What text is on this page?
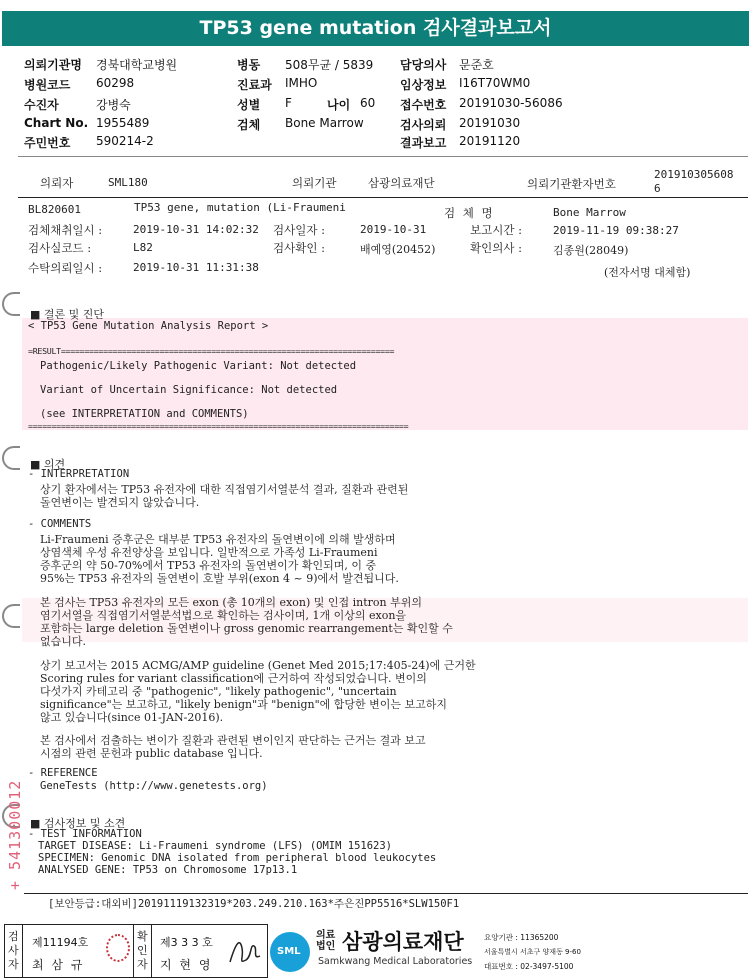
TP53 gene mutation 검사결과보고서
의뢰기관명 경북대학교병원
병원코드 60298
수진자	강병숙
Chart No. 1955489
주민번호 590214-2
병동 508무균 / 5839
진료과 IMHO
성별 F	나이 60
검체 Bone Marrow
담당의사 문준호
임상정보 I16T70WM0
접수번호 20191030-56086
검사의뢰 20191030
결과보고 20191120
의뢰자	SML180	의뢰기관	삼광의료재단	의뢰기관환자번호
201910305608
6
BL820601	TP53 gene, mutation (Li-Fraumeni	검 체 명	Bone Marrow
검체채취일시 :	2019-10-31 14:02:32 검사일자 :	2019-10-31	보고시간 :	2019-11-19 09:38:27
검사실코드 :	L82	검사확인 :	배예영(20452)	확인의사 :	김종원(28049)
수탁의뢰일시 :	2019-10-31 11:31:38	(전자서명 대체함)
■ 결론 및 진단
< TP53 Gene Mutation Analysis Report >
=RESULT=======================================================================
Pathogenic/Likely Pathogenic Variant: Not detected
Variant of Uncertain Significance: Not detected
(see INTERPRETATION and COMMENTS)
=================================================================================
■ 의견
- INTERPRETATION
상기 환자에서는 TP53 유전자에 대한 직접염기서열분석 결과, 질환과 관련된
돌연변이는 발견되지 않았습니다.
- COMMENTS
Li-Fraumeni 증후군은 대부분 TP53 유전자의 돌연변이에 의해 발생하며
상염색체 우성 유전양상을 보입니다. 일반적으로 가족성 Li-Fraumeni
증후군의 약 50-70%에서 TP53 유전자의 돌연변이가 확인되며, 이 중
95%는 TP53 유전자의 돌연변이 호발 부위(exon 4 ~ 9)에서 발견됩니다.
본 검사는 TP53 유전자의 모든 exon (총 10개의 exon) 및 인접 intron 부위의
염기서열을 직접염기서열분석법으로 확인하는 검사이며, 1개 이상의 exon을
포함하는 large deletion 돌연변이나 gross genomic rearrangement는 확인할 수
없습니다.
상기 보고서는 2015 ACMG/AMP guideline (Genet Med 2015;17:405-24)에 근거한
Scoring rules for variant classification에 근거하여 작성되었습니다. 변이의
다섯가지 카테고리 중 "pathogenic", "likely pathogenic", "uncertain
significance"는 보고하고, "likely benign"과 "benign"에 합당한 변이는 보고하지
않고 있습니다(since 01-JAN-2016).
본 검사에서 검출하는 변이가 질환과 관련된 변이인지 판단하는 근거는 결과 보고
시점의 관련 문헌과 public database 입니다.
- REFERENCE
GeneTests (http://www.genetests.org)
■ 검사정보 및 소견
- TEST INFORMATION
TARGET DISEASE: Li-Fraumeni syndrome (LFS) (OMIM 151623)
SPECIMEN: Genomic DNA isolated from peripheral blood leukocytes
ANALYSED GENE: TP53 on Chromosome 17p13.1
+ 541300012
[보안등급:대외비]20191119132319*203.249.210.163*주은진PP5516*SLW150F1
검
사
자
제11194호
최 삼 규
확
인
자
제3 3 3 호
지 현 영
SML
의료
법인 삼광의료재단
Samkwang Medical Laboratories
요양기관 : 11365200
서울특별시 서초구 양재동 9-60
대표번호 : 02-3497-5100
